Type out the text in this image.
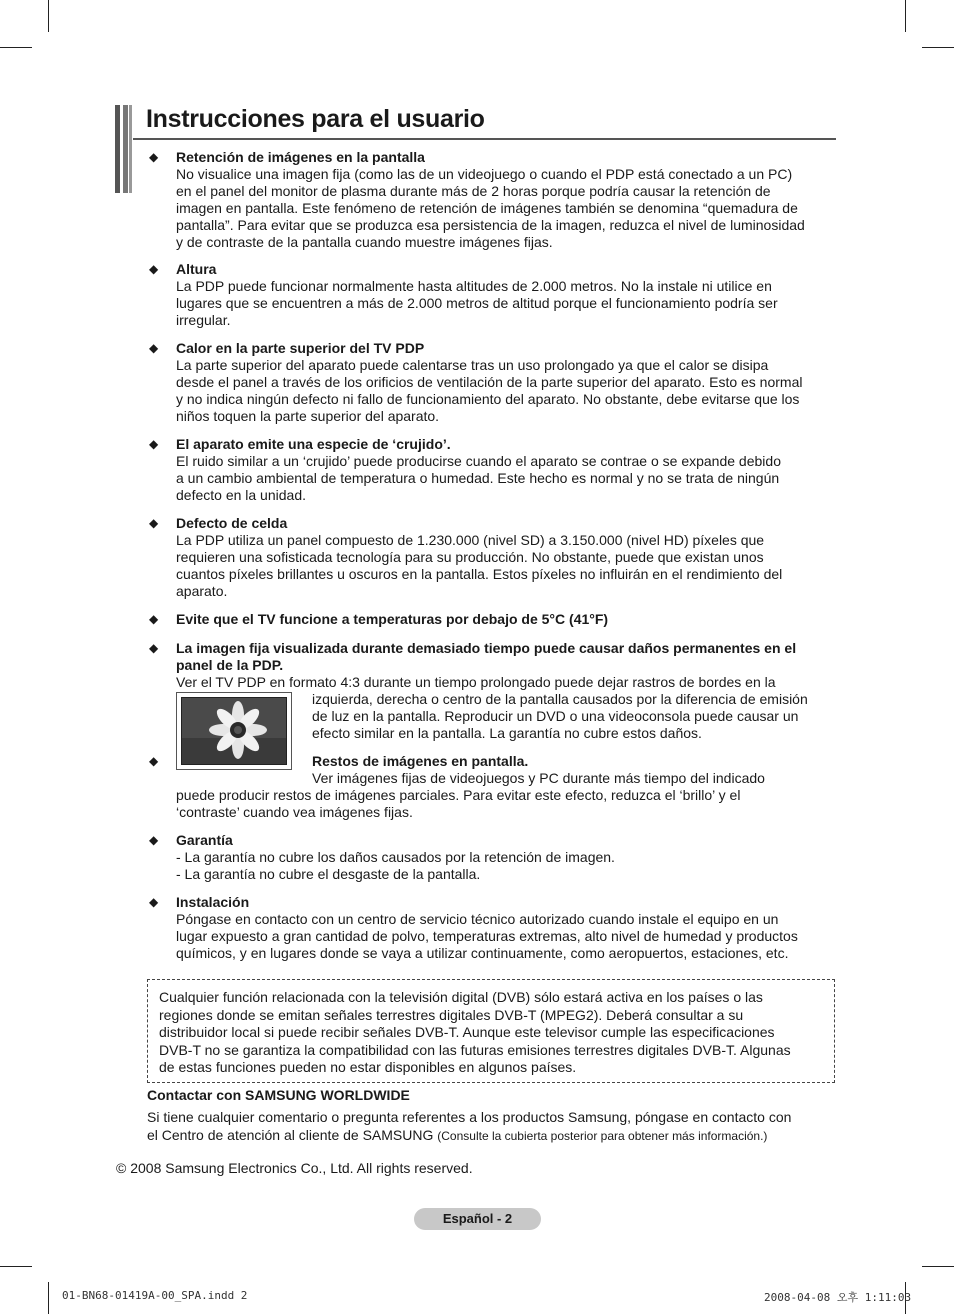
Instrucciones para el usuario
◆ Retención de imágenes en la pantalla
No visualice una imagen fija (como las de un videojuego o cuando el PDP está conectado a un PC)
en el panel del monitor de plasma durante más de 2 horas porque podría causar la retención de
imagen en pantalla. Este fenómeno de retención de imágenes también se denomina “quemadura de
pantalla”. Para evitar que se produzca esa persistencia de la imagen, reduzca el nivel de luminosidad
y de contraste de la pantalla cuando muestre imágenes fijas.
◆ Altura
La PDP puede funcionar normalmente hasta altitudes de 2.000 metros. No la instale ni utilice en
lugares que se encuentren a más de 2.000 metros de altitud porque el funcionamiento podría ser
irregular.
◆ Calor en la parte superior del TV PDP
La parte superior del aparato puede calentarse tras un uso prolongado ya que el calor se disipa
desde el panel a través de los orificios de ventilación de la parte superior del aparato. Esto es normal
y no indica ningún defecto ni fallo de funcionamiento del aparato. No obstante, debe evitarse que los
niños toquen la parte superior del aparato.
◆ El aparato emite una especie de ‘crujido’.
El ruido similar a un ‘crujido’ puede producirse cuando el aparato se contrae o se expande debido
a un cambio ambiental de temperatura o humedad. Este hecho es normal y no se trata de ningún
defecto en la unidad.
◆ Defecto de celda
La PDP utiliza un panel compuesto de 1.230.000 (nivel SD) a 3.150.000 (nivel HD) píxeles que
requieren una sofisticada tecnología para su producción. No obstante, puede que existan unos
cuantos píxeles brillantes u oscuros en la pantalla. Estos píxeles no influirán en el rendimiento del
aparato.
◆ Evite que el TV funcione a temperaturas por debajo de 5°C (41°F)
◆ La imagen fija visualizada durante demasiado tiempo puede causar daños permanentes en el
panel de la PDP.
Ver el TV PDP en formato 4:3 durante un tiempo prolongado puede dejar rastros de bordes en la
izquierda, derecha o centro de la pantalla causados por la diferencia de emisión
de luz en la pantalla. Reproducir un DVD o una videoconsola puede causar un
efecto similar en la pantalla. La garantía no cubre estos daños.
◆	Restos de imágenes en pantalla.
Ver imágenes fijas de videojuegos y PC durante más tiempo del indicado
puede producir restos de imágenes parciales. Para evitar este efecto, reduzca el ‘brillo’ y el
‘contraste’ cuando vea imágenes fijas.
◆ Garantía
- La garantía no cubre los daños causados por la retención de imagen.
- La garantía no cubre el desgaste de la pantalla.
◆ Instalación
Póngase en contacto con un centro de servicio técnico autorizado cuando instale el equipo en un
lugar expuesto a gran cantidad de polvo, temperaturas extremas, alto nivel de humedad y productos
químicos, y en lugares donde se vaya a utilizar continuamente, como aeropuertos, estaciones, etc.
Cualquier función relacionada con la televisión digital (DVB) sólo estará activa en los países o las
regiones donde se emitan señales terrestres digitales DVB-T (MPEG2). Deberá consultar a su
distribuidor local si puede recibir señales DVB-T. Aunque este televisor cumple las especificaciones
DVB-T no se garantiza la compatibilidad con las futuras emisiones terrestres digitales DVB-T. Algunas
de estas funciones pueden no estar disponibles en algunos países.
Contactar con SAMSUNG WORLDWIDE
Si tiene cualquier comentario o pregunta referentes a los productos Samsung, póngase en contacto con
el Centro de atención al cliente de SAMSUNG (Consulte la cubierta posterior para obtener más información.)
© 2008 Samsung Electronics Co., Ltd. All rights reserved.
Español - 2
01-BN68-01419A-00_SPA.indd 2	2008-04-08 오후 1:11:03
